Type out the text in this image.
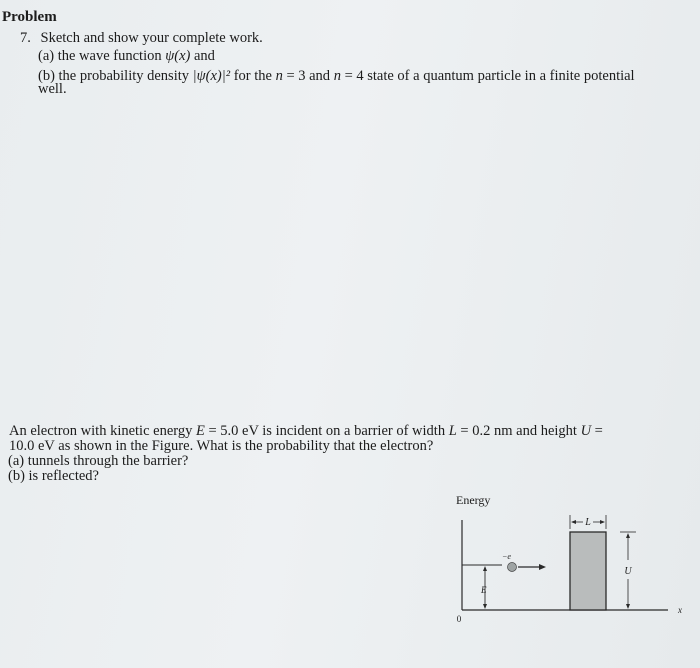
Problem
7. Sketch and show your complete work.
(a) the wave function ψ(x) and
(b) the probability density |ψ(x)|² for the n = 3 and n = 4 state of a quantum particle in a finite potential
well.
An electron with kinetic energy E = 5.0 eV is incident on a barrier of width L = 0.2 nm and height U =
10.0 eV as shown in the Figure. What is the probability that the electron?
(a) tunnels through the barrier?
(b) is reflected?
Energy
L
U
E
−e
0
x
